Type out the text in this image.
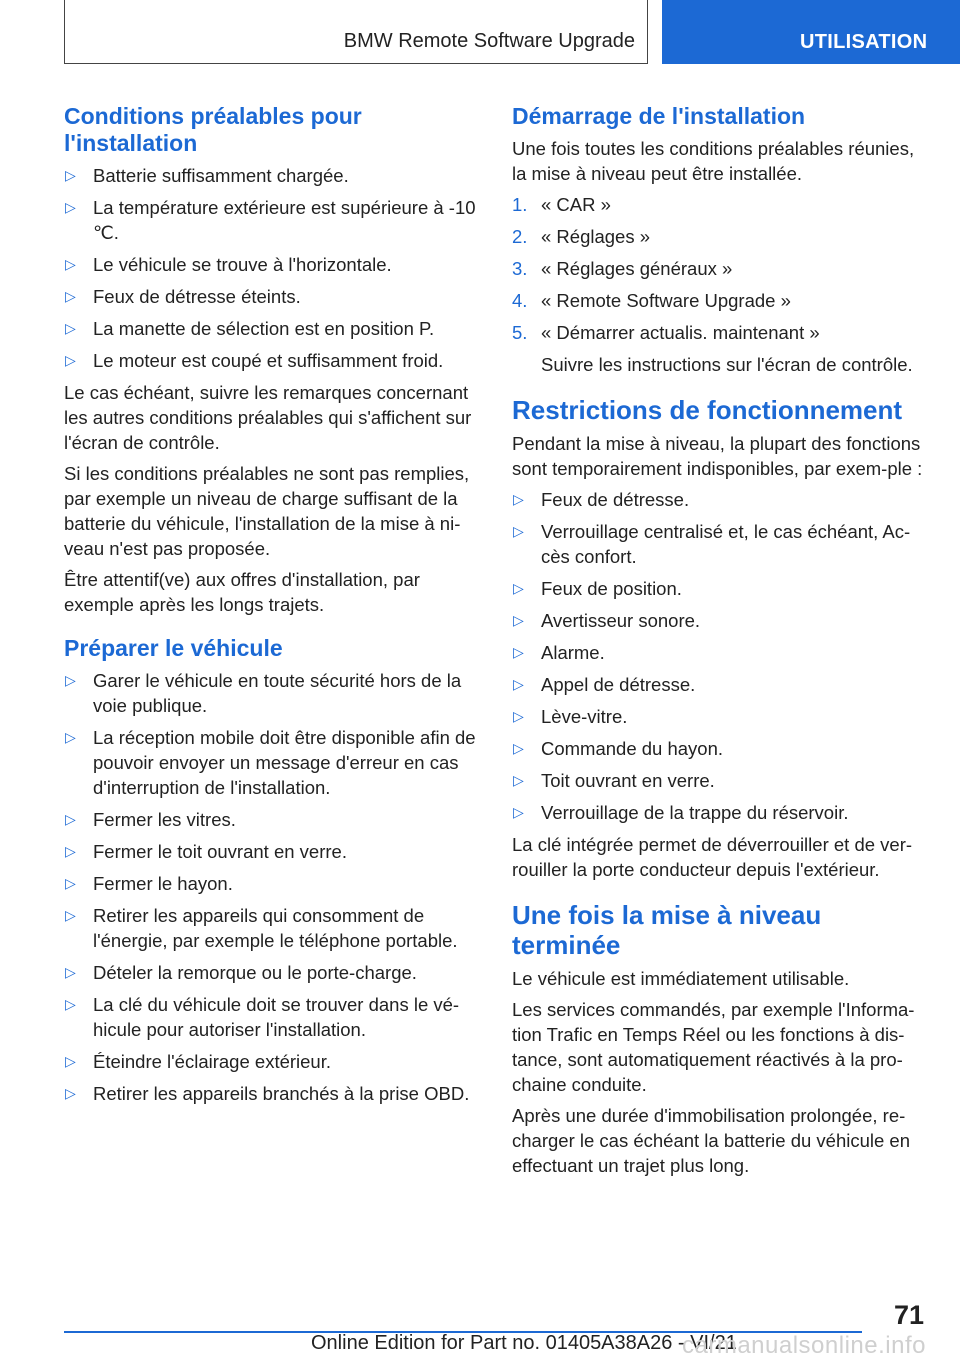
BMW Remote Software Upgrade	UTILISATION
Conditions préalables pour l'installation
▷ Batterie suffisamment chargée.
▷ La température extérieure est supérieure à -10 ℃.
▷ Le véhicule se trouve à l'horizontale.
▷ Feux de détresse éteints.
▷ La manette de sélection est en position P.
▷ Le moteur est coupé et suffisamment froid.

Le cas échéant, suivre les remarques concernant les autres conditions préalables qui s'affichent sur l'écran de contrôle.

Si les conditions préalables ne sont pas remplies, par exemple un niveau de charge suffisant de la batterie du véhicule, l'installation de la mise à ni-veau n'est pas proposée.

Être attentif(ve) aux offres d'installation, par exemple après les longs trajets.

Préparer le véhicule
▷ Garer le véhicule en toute sécurité hors de la voie publique.
▷ La réception mobile doit être disponible afin de pouvoir envoyer un message d'erreur en cas d'interruption de l'installation.
▷ Fermer les vitres.
▷ Fermer le toit ouvrant en verre.
▷ Fermer le hayon.
▷ Retirer les appareils qui consomment de l'énergie, par exemple le téléphone portable.
▷ Dételer la remorque ou le porte-charge.
▷ La clé du véhicule doit se trouver dans le vé-hicule pour autoriser l'installation.
▷ Éteindre l'éclairage extérieur.
▷ Retirer les appareils branchés à la prise OBD.
Démarrage de l'installation

Une fois toutes les conditions préalables réunies, la mise à niveau peut être installée.

1. « CAR »
2. « Réglages »
3. « Réglages généraux »
4. « Remote Software Upgrade »
5. « Démarrer actualis. maintenant »

Suivre les instructions sur l'écran de contrôle.

Restrictions de fonctionnement

Pendant la mise à niveau, la plupart des fonctions sont temporairement indisponibles, par exem-ple :

▷ Feux de détresse.
▷ Verrouillage centralisé et, le cas échéant, Ac-cès confort.
▷ Feux de position.
▷ Avertisseur sonore.
▷ Alarme.
▷ Appel de détresse.
▷ Lève-vitre.
▷ Commande du hayon.
▷ Toit ouvrant en verre.
▷ Verrouillage de la trappe du réservoir.

La clé intégrée permet de déverrouiller et de ver-rouiller la porte conducteur depuis l'extérieur.

Une fois la mise à niveau terminée

Le véhicule est immédiatement utilisable.

Les services commandés, par exemple l'Informa-tion Trafic en Temps Réel ou les fonctions à dis-tance, sont automatiquement réactivés à la pro-chaine conduite.

Après une durée d'immobilisation prolongée, re-charger le cas échéant la batterie du véhicule en effectuant un trajet plus long.

71
Online Edition for Part no. 01405A38A26 - VI/21
carmanualsonline.info
